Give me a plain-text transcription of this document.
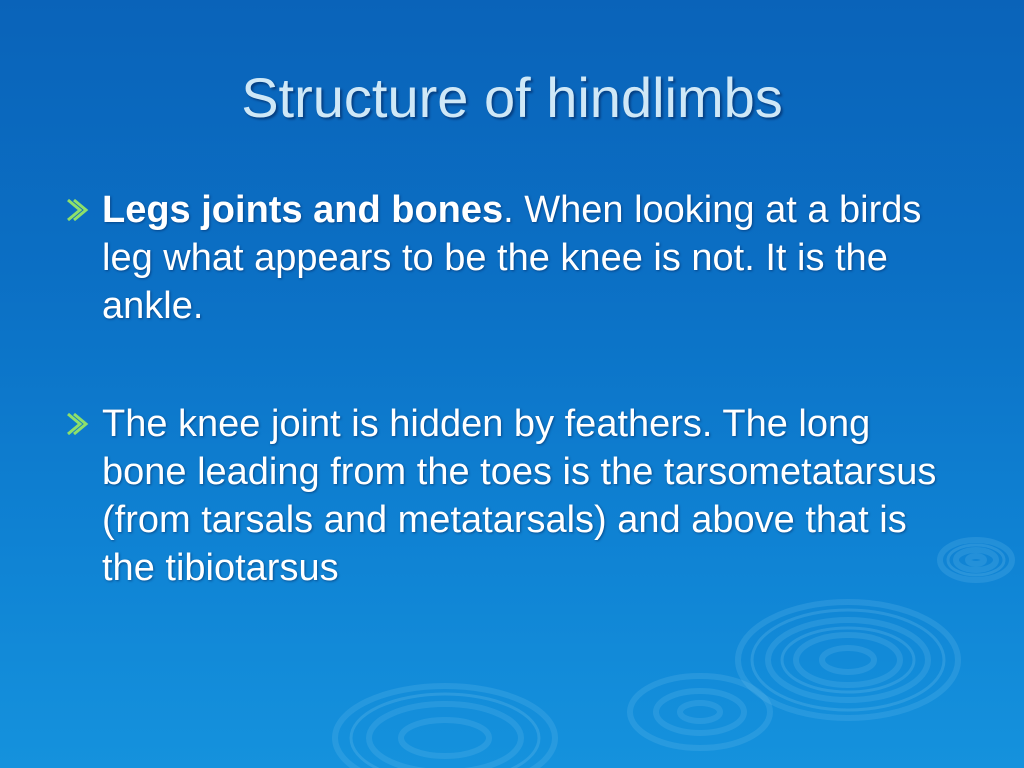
Structure of hindlimbs

Legs joints and bones. When looking at a birds leg what appears to be the knee is not. It is the ankle.

The knee joint is hidden by feathers. The long bone leading from the toes is the tarsometatarsus (from tarsals and metatarsals) and above that is the tibiotarsus
